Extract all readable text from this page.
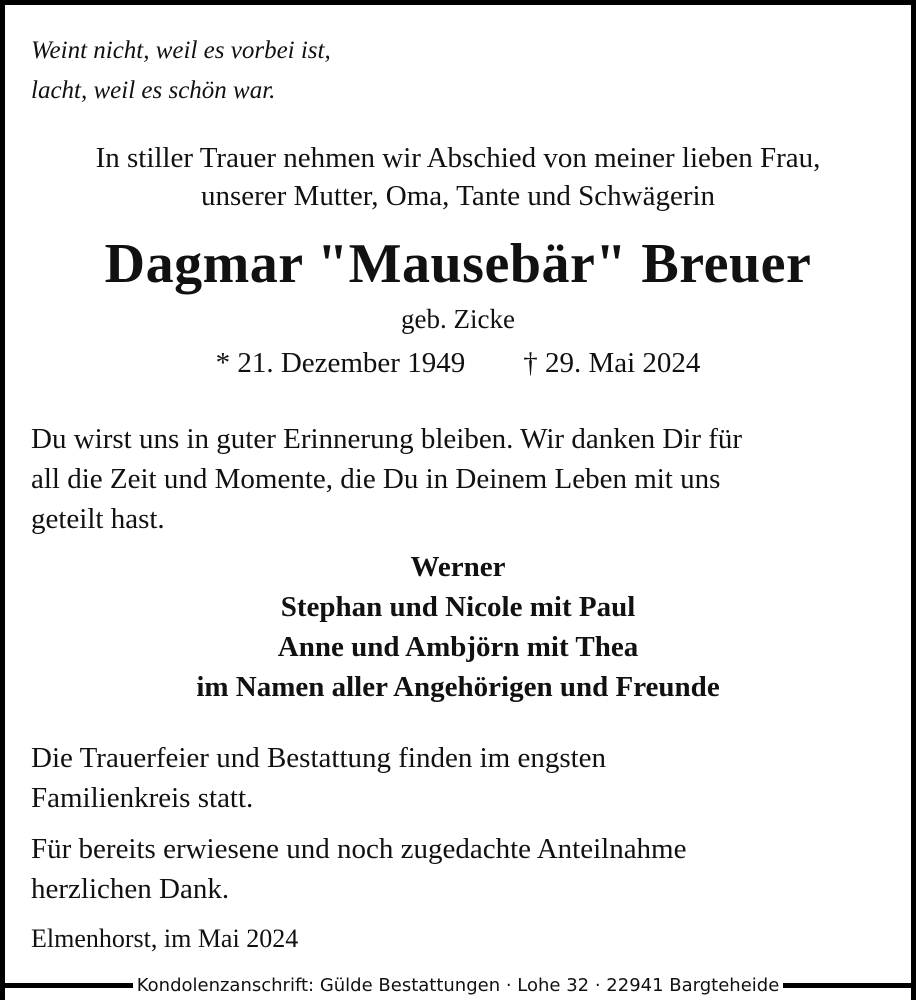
Weint nicht, weil es vorbei ist,
lacht, weil es schön war.

In stiller Trauer nehmen wir Abschied von meiner lieben Frau,
unserer Mutter, Oma, Tante und Schwägerin

Dagmar "Mausebär" Breuer

geb. Zicke

* 21. Dezember 1949 † 29. Mai 2024

Du wirst uns in guter Erinnerung bleiben. Wir danken Dir für
all die Zeit und Momente, die Du in Deinem Leben mit uns
geteilt hast.

Werner
Stephan und Nicole mit Paul
Anne und Ambjörn mit Thea
im Namen aller Angehörigen und Freunde

Die Trauerfeier und Bestattung finden im engsten
Familienkreis statt.

Für bereits erwiesene und noch zugedachte Anteilnahme
herzlichen Dank.

Elmenhorst, im Mai 2024

Kondolenzanschrift: Gülde Bestattungen · Lohe 32 · 22941 Bargteheide
